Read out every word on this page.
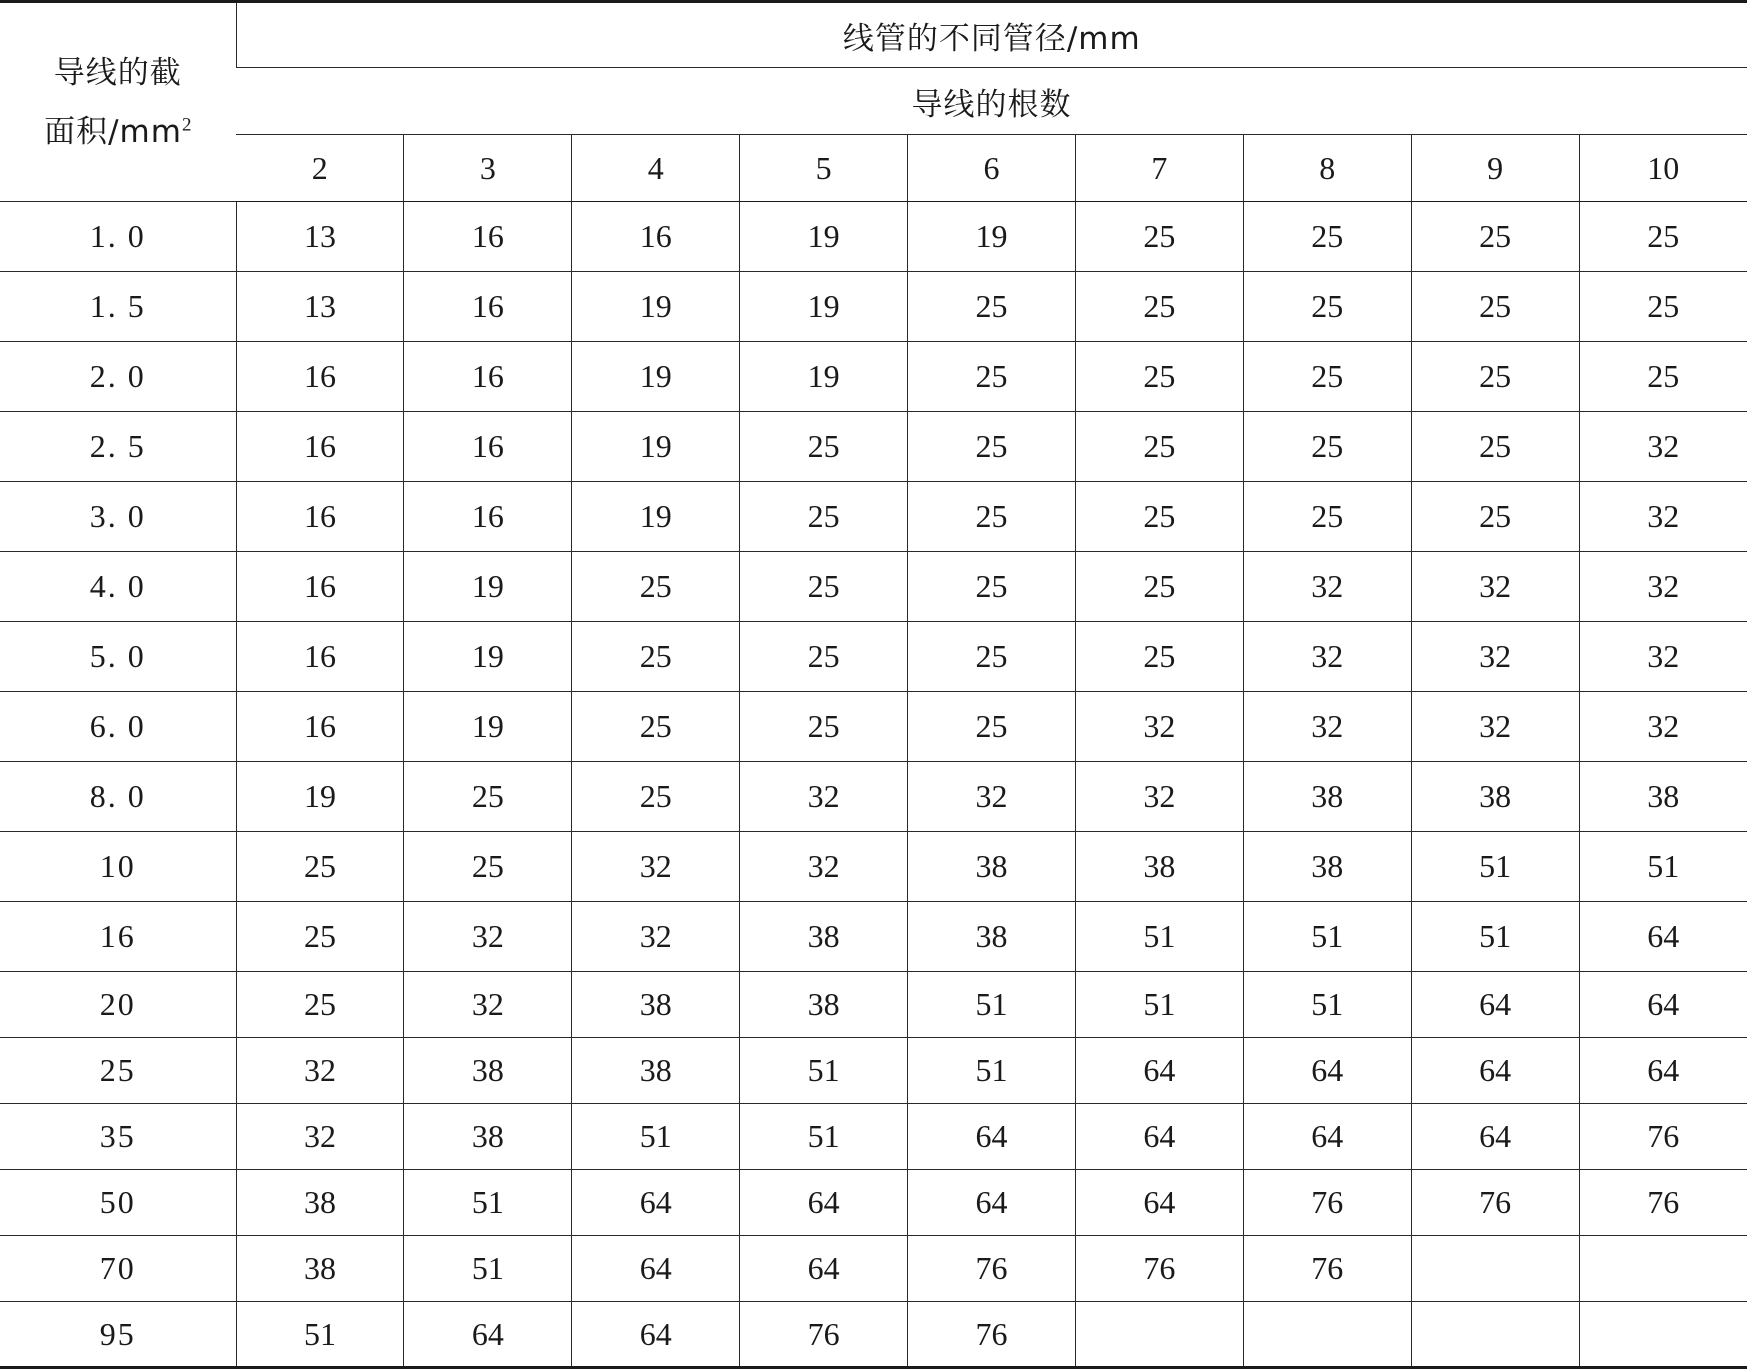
导线的截
面积$/mm^2$	线管的不同管径/mm								
	导线的根数								
	2	3	4	5	6	7	8	9	10
1. 0	13	16	16	19	19	25	25	25	25
1. 5	13	16	19	19	25	25	25	25	25
2. 0	16	16	19	19	25	25	25	25	25
2. 5	16	16	19	25	25	25	25	25	32
3. 0	16	16	19	25	25	25	25	25	32
4. 0	16	19	25	25	25	25	32	32	32
5. 0	16	19	25	25	25	25	32	32	32
6. 0	16	19	25	25	25	32	32	32	32
8. 0	19	25	25	32	32	32	38	38	38
10	25	25	32	32	38	38	38	51	51
16	25	32	32	38	38	51	51	51	64
20	25	32	38	38	51	51	51	64	64
25	32	38	38	51	51	64	64	64	64
35	32	38	51	51	64	64	64	64	76
50	38	51	64	64	64	64	76	76	76
70	38	51	64	64	76	76	76		
95	51	64	64	76	76				
